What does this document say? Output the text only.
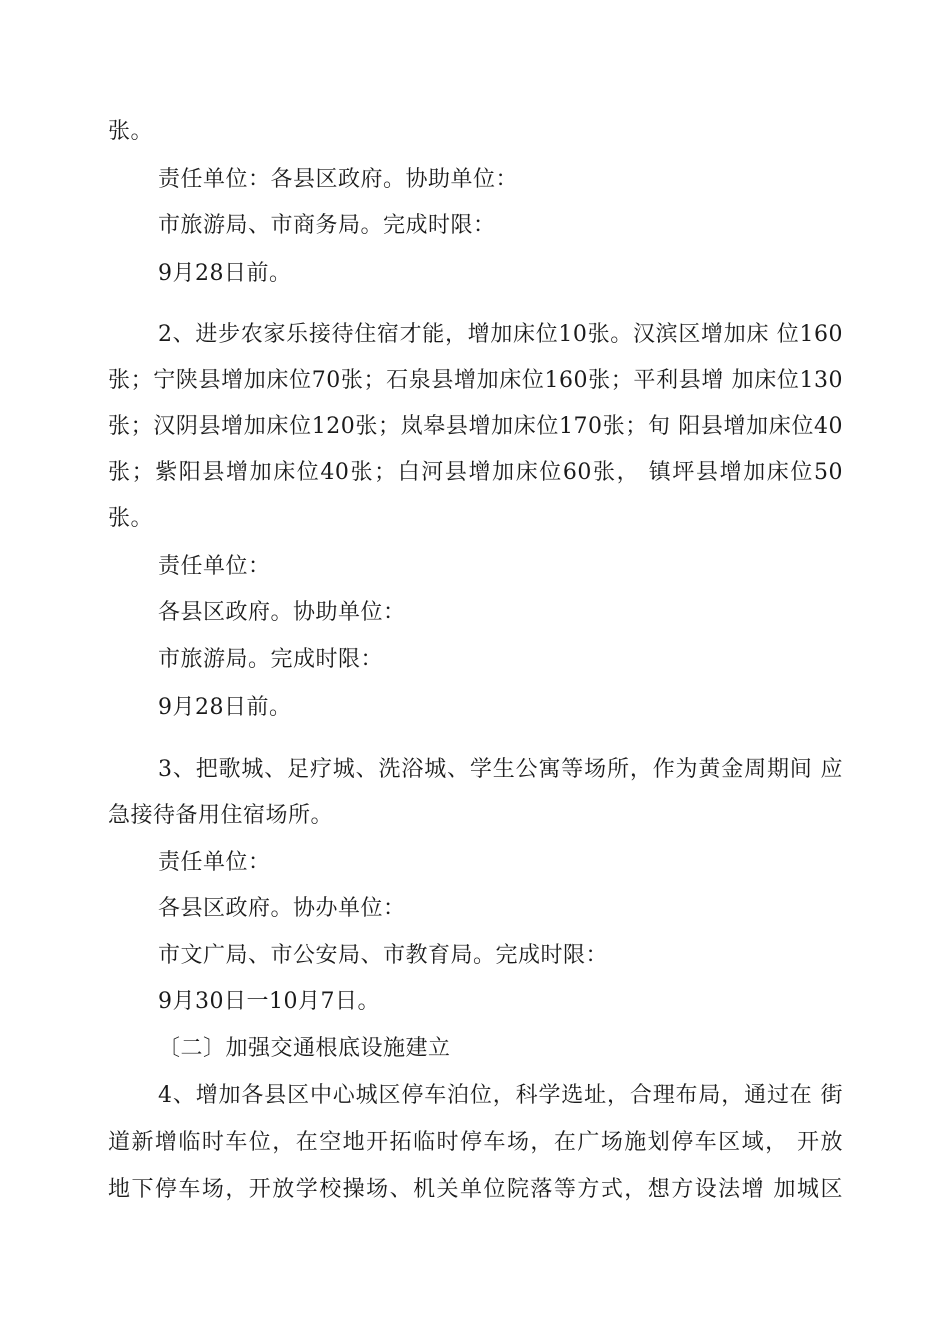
张。
责任单位：各县区政府。协助单位：
市旅游局、市商务局。完成时限：
9月28日前。
2、进步农家乐接待住宿才能，增加床位10张。汉滨区增加床 位160
张；宁陕县增加床位70张；石泉县增加床位160张；平利县增 加床位130
张；汉阴县增加床位120张；岚皋县增加床位170张；旬 阳县增加床位40
张；紫阳县增加床位40张；白河县增加床位60张， 镇坪县增加床位50
张。
责任单位：
各县区政府。协助单位：
市旅游局。完成时限：
9月28日前。
3、把歌城、足疗城、洗浴城、学生公寓等场所，作为黄金周期间 应
急接待备用住宿场所。
责任单位：
各县区政府。协办单位：
市文广局、市公安局、市教育局。完成时限：
9月30日一10月7日。
〔二〕加强交通根底设施建立
4、增加各县区中心城区停车泊位，科学选址，合理布局，通过在 街
道新增临时车位，在空地开拓临时停车场，在广场施划停车区域， 开放
地下停车场，开放学校操场、机关单位院落等方式，想方设法增 加城区
